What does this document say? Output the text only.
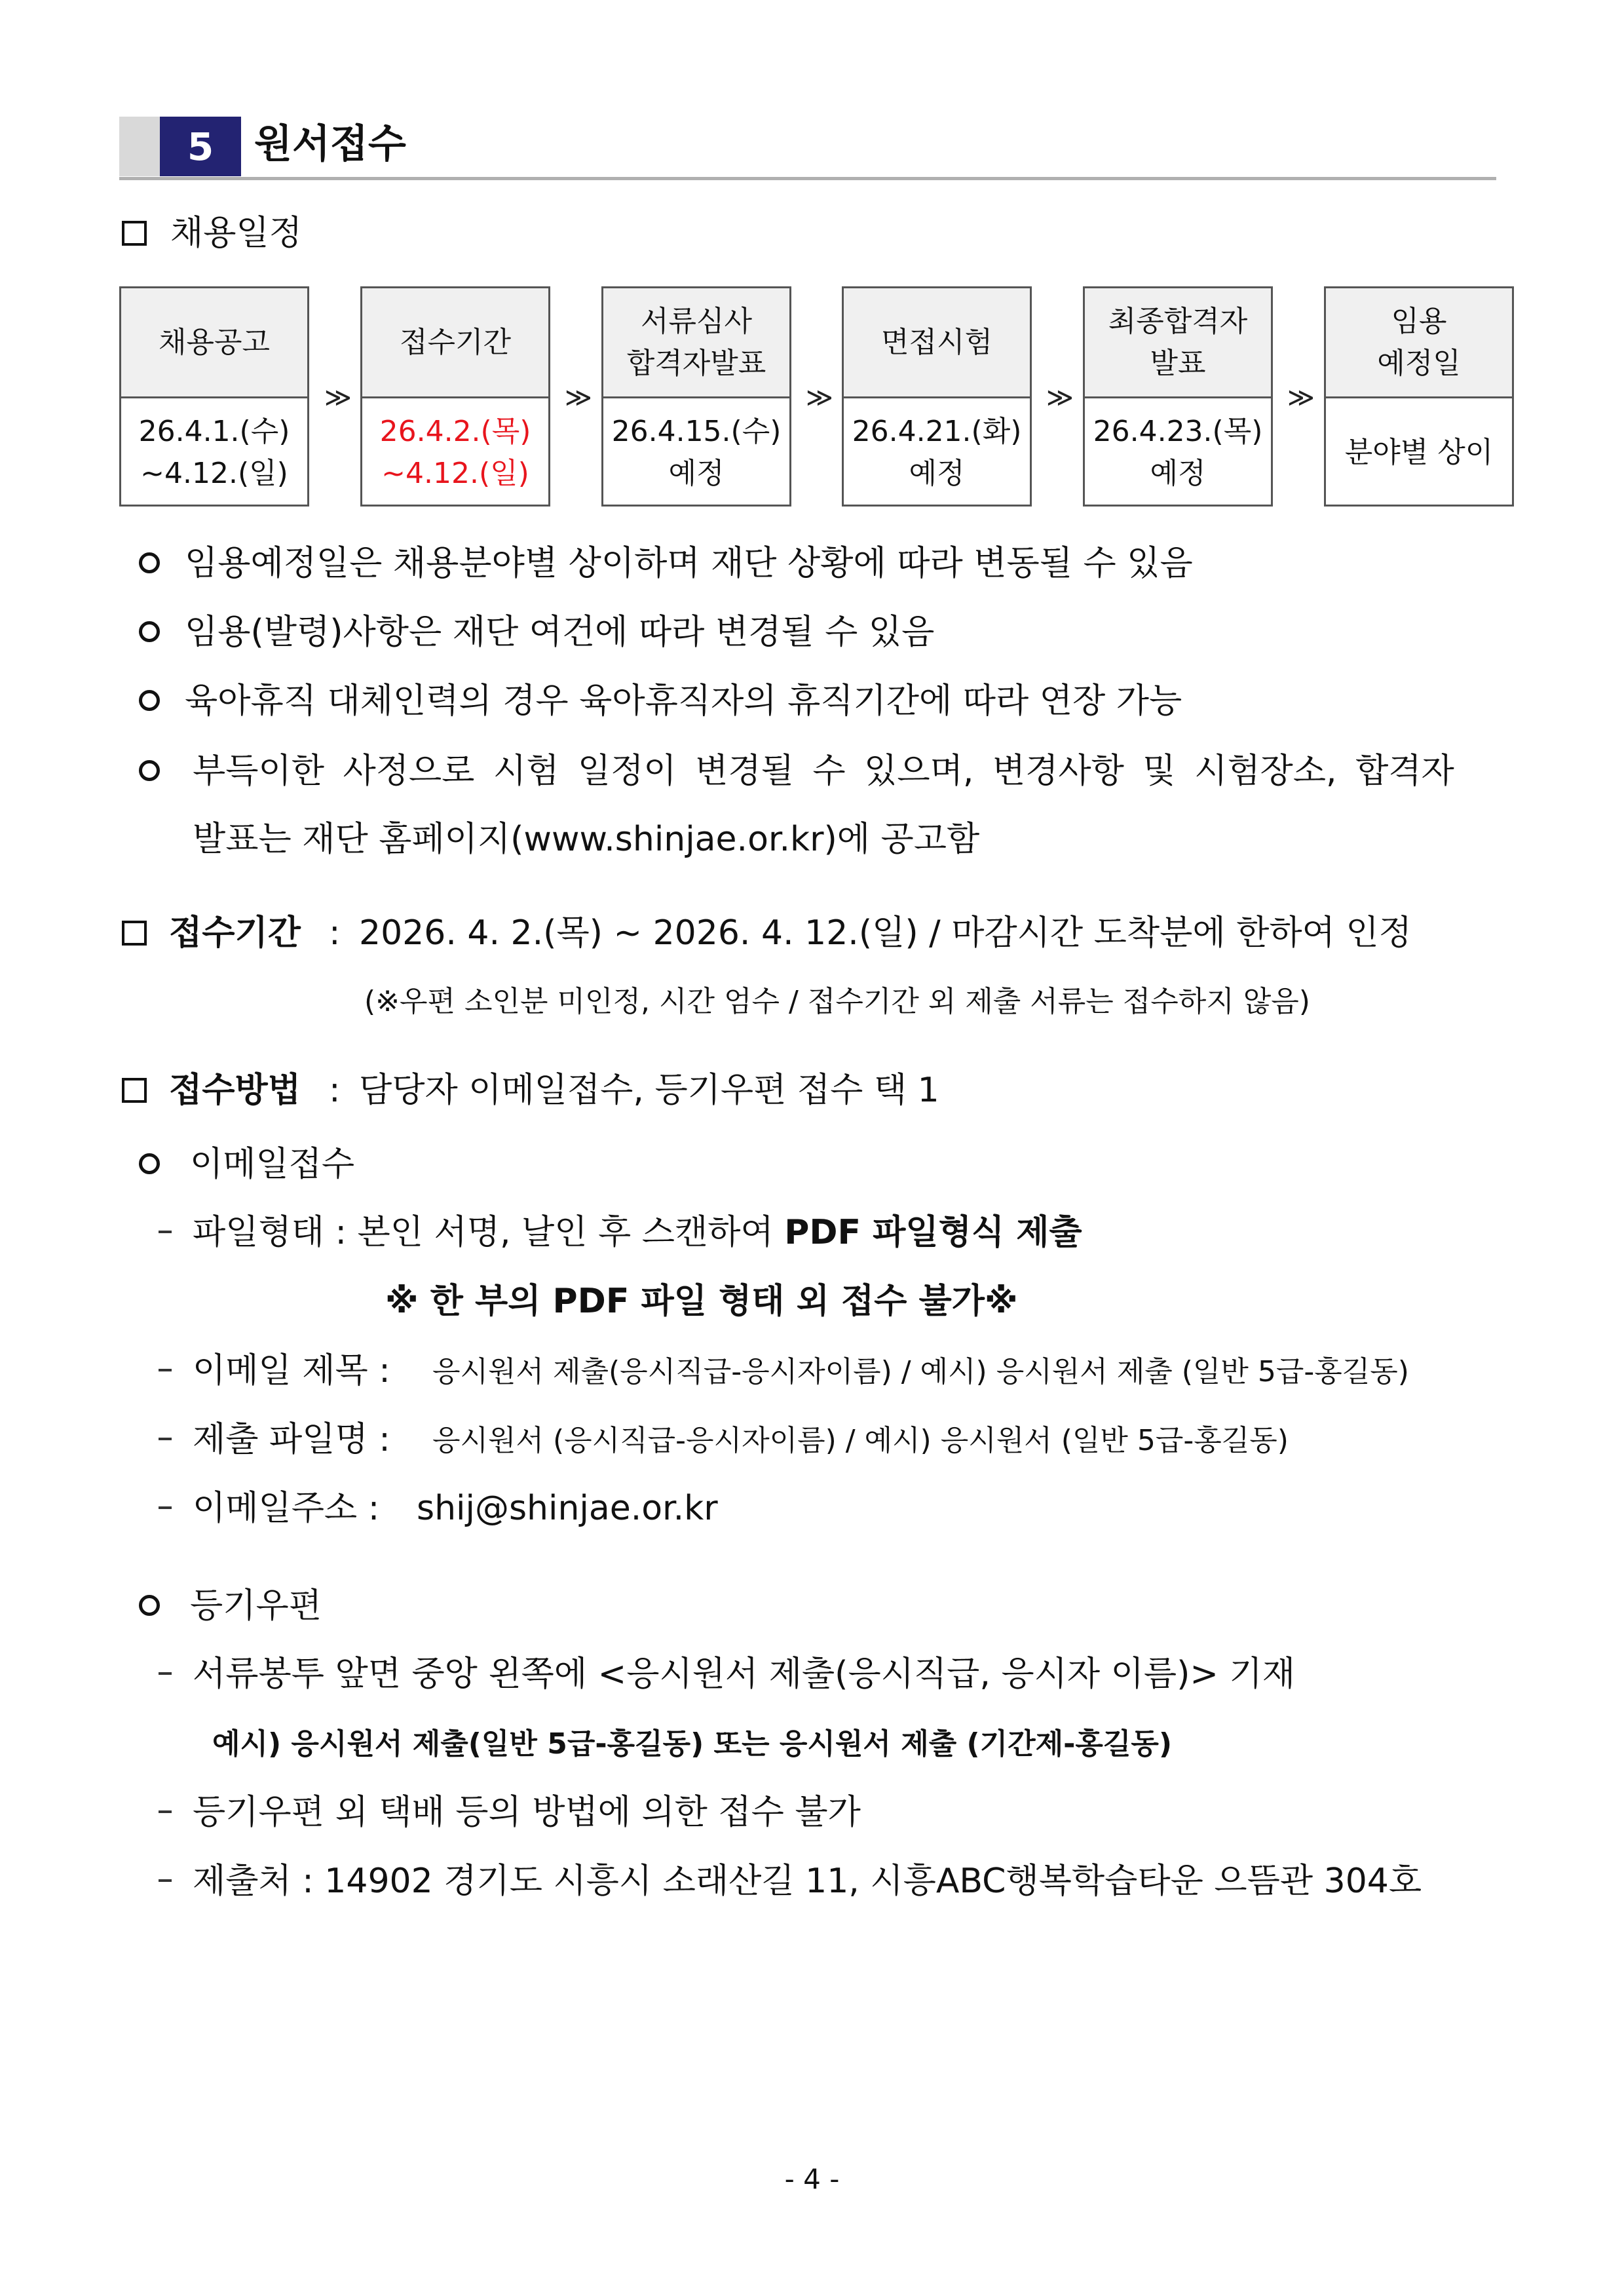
5	원서접수
채용일정
채용공고
26.4.1.(수)
~4.12.(일)
≫
접수기간
26.4.2.(목)
~4.12.(일)
≫
서류심사
합격자발표
26.4.15.(수)
예정
≫
면접시험
26.4.21.(화)
예정
≫
최종합격자
발표
26.4.23.(목)
예정
≫
임용
예정일
분야별 상이
임용예정일은 채용분야별 상이하며 재단 상황에 따라 변동될 수 있음
임용(발령)사항은 재단 여건에 따라 변경될 수 있음
육아휴직 대체인력의 경우 육아휴직자의 휴직기간에 따라 연장 가능
부득이한 사정으로 시험 일정이 변경될 수 있으며, 변경사항 및 시험장소, 합격자
발표는 재단 홈페이지(www.shinjae.or.kr)에 공고함
접수기간 : 2026. 4. 2.(목) ~ 2026. 4. 12.(일) / 마감시간 도착분에 한하여 인정
(※우편 소인분 미인정, 시간 엄수 / 접수기간 외 제출 서류는 접수하지 않음)
접수방법 : 담당자 이메일접수, 등기우편 접수 택 1
이메일접수
파일형태 : 본인 서명, 날인 후 스캔하여 PDF 파일형식 제출
※ 한 부의 PDF 파일 형태 외 접수 불가※
이메일 제목 : 응시원서 제출(응시직급-응시자이름) / 예시) 응시원서 제출 (일반 5급-홍길동)
제출 파일명 : 응시원서 (응시직급-응시자이름) / 예시) 응시원서 (일반 5급-홍길동)
이메일주소 : shij@shinjae.or.kr
등기우편
서류봉투 앞면 중앙 왼쪽에 <응시원서 제출(응시직급, 응시자 이름)> 기재
예시) 응시원서 제출(일반 5급-홍길동) 또는 응시원서 제출 (기간제-홍길동)
등기우편 외 택배 등의 방법에 의한 접수 불가
제출처 : 14902 경기도 시흥시 소래산길 11, 시흥ABC행복학습타운 으뜸관 304호
- 4 -
